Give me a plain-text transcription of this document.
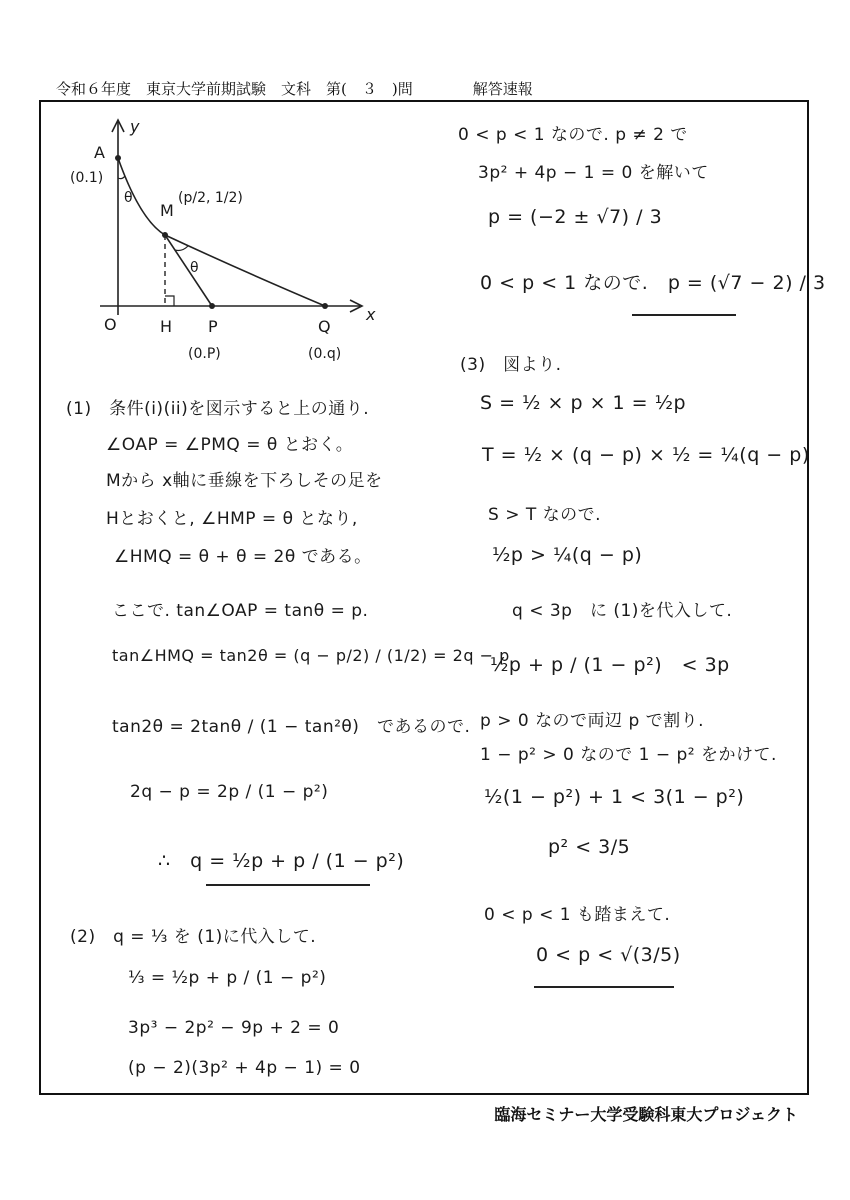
令和６年度　東京大学前期試験　文科　第(　３　)問	解答速報
y
x
A
(0.1)
θ
M
(p/2, 1/2)
θ
O	H P	Q
(0.P)	(0.q)
(1)　条件(i)(ii)を図示すると上の通り.
∠OAP = ∠PMQ = θ とおく。
Mから x軸に垂線を下ろしその足を
Hとおくと, ∠HMP = θ となり,
∠HMQ = θ + θ = 2θ である。
ここで. tan∠OAP = tanθ = p.
tan∠HMQ = tan2θ = (q − p/2) / (1/2) = 2q − p
tan2θ = 2tanθ / (1 − tan²θ)　であるので.
2q − p = 2p / (1 − p²)
∴　q = ½p + p / (1 − p²)
(2)　q = ⅓ を (1)に代入して.
⅓ = ½p + p / (1 − p²)
3p³ − 2p² − 9p + 2 = 0
(p − 2)(3p² + 4p − 1) = 0
0 < p < 1 なので. p ≠ 2 で
3p² + 4p − 1 = 0 を解いて
p = (−2 ± √7) / 3
0 < p < 1 なので.　p = (√7 − 2) / 3
(3)　図より.
S = ½ × p × 1 = ½p
T = ½ × (q − p) × ½ = ¼(q − p)
S > T なので.
½p > ¼(q − p)
q < 3p　に (1)を代入して.
½p + p / (1 − p²)　< 3p
p > 0 なので両辺 p で割り.
1 − p² > 0 なので 1 − p² をかけて.
½(1 − p²) + 1 < 3(1 − p²)
p² < 3/5
0 < p < 1 も踏まえて.
0 < p < √(3/5)
臨海セミナー大学受験科東大プロジェクト
